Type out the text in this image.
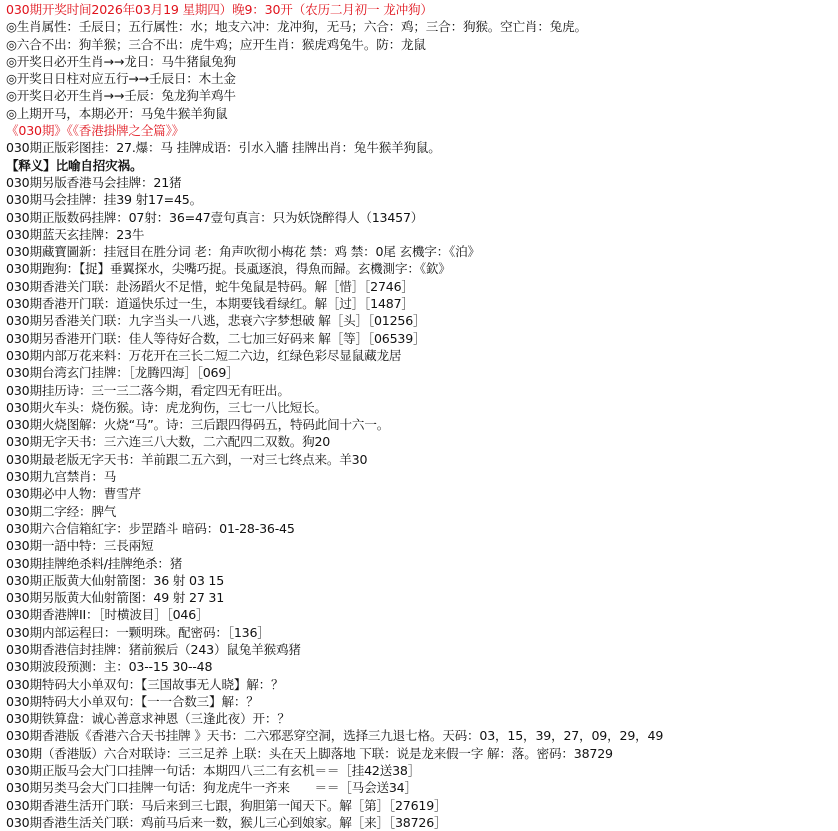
030期开奖时间2026年03月19 星期四）晚9：30开（农历二月初一 龙冲狗）
◎生肖属性：壬辰日；五行属性：水；地支六冲：龙冲狗，无马；六合：鸡；三合：狗猴。空亡肖：兔虎。
◎六合不出：狗羊猴；三合不出：虎牛鸡；应开生肖：猴虎鸡兔牛。防：龙鼠
◎开奖日必开生肖→→龙日：马牛猪鼠兔狗
◎开奖日日柱对应五行→→壬辰日：木土金
◎开奖日必开生肖→→壬辰：兔龙狗羊鸡牛
◎上期开马，本期必开：马兔牛猴羊狗鼠
《030期》《《香港掛牌之全篇》》
030期正版彩图挂：27.爆：马 挂牌成语：引水入牆 挂牌出肖：兔牛猴羊狗鼠。
【释义】比喻自招灾祸。
030期另版香港马会挂牌：21猪
030期马会挂牌：挂39 射17=45。
030期正版数码挂牌：07射：36=47壹句真言：只为妖饶醉得人（13457）
030期蓝天玄挂牌：23牛
030期藏寶圖新：挂冠目在胜分词 老：角声吹彻小梅花 禁：鸡 禁：0尾 玄機字：《泊》
030期跑狗：【捉】垂翼探水，尖嘴巧捉。長颪逐浪，得魚而歸。玄機測字：《欽》
030期香港关门联：赴汤蹈火不足惜，蛇牛兔鼠是特码。解［惜］［2746］
030期香港开门联：道遥快乐过一生，本期要钱看绿红。解［过］［1487］
030期另香港关门联：九字当头一八逃，悲衰六字梦想破 解［头］［01256］
030期另香港开门联：佳人等待好合数，二七加三好码来 解［等］［06539］
030期内部万花来料：万花开在三长二短二六边，红绿色彩尽显鼠藏龙居
030期台湾玄门挂牌：［龙腾四海］［069］
030期挂历诗：三一三二落今期，看定四无有旺出。
030期火车头：烧伤猴。诗：虎龙狗伤，三七一八比短长。
030期火烧图解：火烧“马”。诗：三后跟四得码五，特码此间十六一。
030期无字天书：三六连三八大数，二六配四二双数。狗20
030期最老版无字天书：羊前跟二五六到，一对三七终点来。羊30
030期九宫禁肖：马
030期必中人物：曹雪芹
030期二字经：脾气
030期六合信箱紅字：步罡踏斗 暗码：01-28-36-45
030期一語中特：三長兩短
030期挂牌绝杀料/挂牌绝杀：猪
030期正版黄大仙射箭图：36 射 03 15
030期另版黄大仙射箭图：49 射 27 31
030期香港牌II：［时横波目］［046］
030期内部运程曰：一颗明珠。配密码：［136］
030期香港信封挂牌：猪前猴后（243）鼠兔羊猴鸡猪
030期波段预测：主：03--15 30--48
030期特码大小单双句：【三国故事无人晓】解：？
030期特码大小单双句：【一一合数三】解：？
030期铁算盘：诚心善意求神恩（三逢此夜）开：？
030期香港版《香港六合天书挂牌 》天书：二六邪恶穿空洞，选择三九退七格。天码：03，15，39，27，09，29，49
030期（香港版）六合对联诗：三三足养 上联：头在天上脚落地 下联：说是龙来假一字 解：落。密码：38729
030期正版马会大门口挂牌一句话：本期四八三二有玄机＝＝［挂42送38］
030期另类马会大门口挂牌一句话：狗龙虎牛一齐来　　＝＝［马会送34］
030期香港生活开门联：马后来到三七跟，狗胆第一闻天下。解［第］［27619］
030期香港生活关门联：鸡前马后来一数，猴儿三心到娘家。解［来］［38726］
